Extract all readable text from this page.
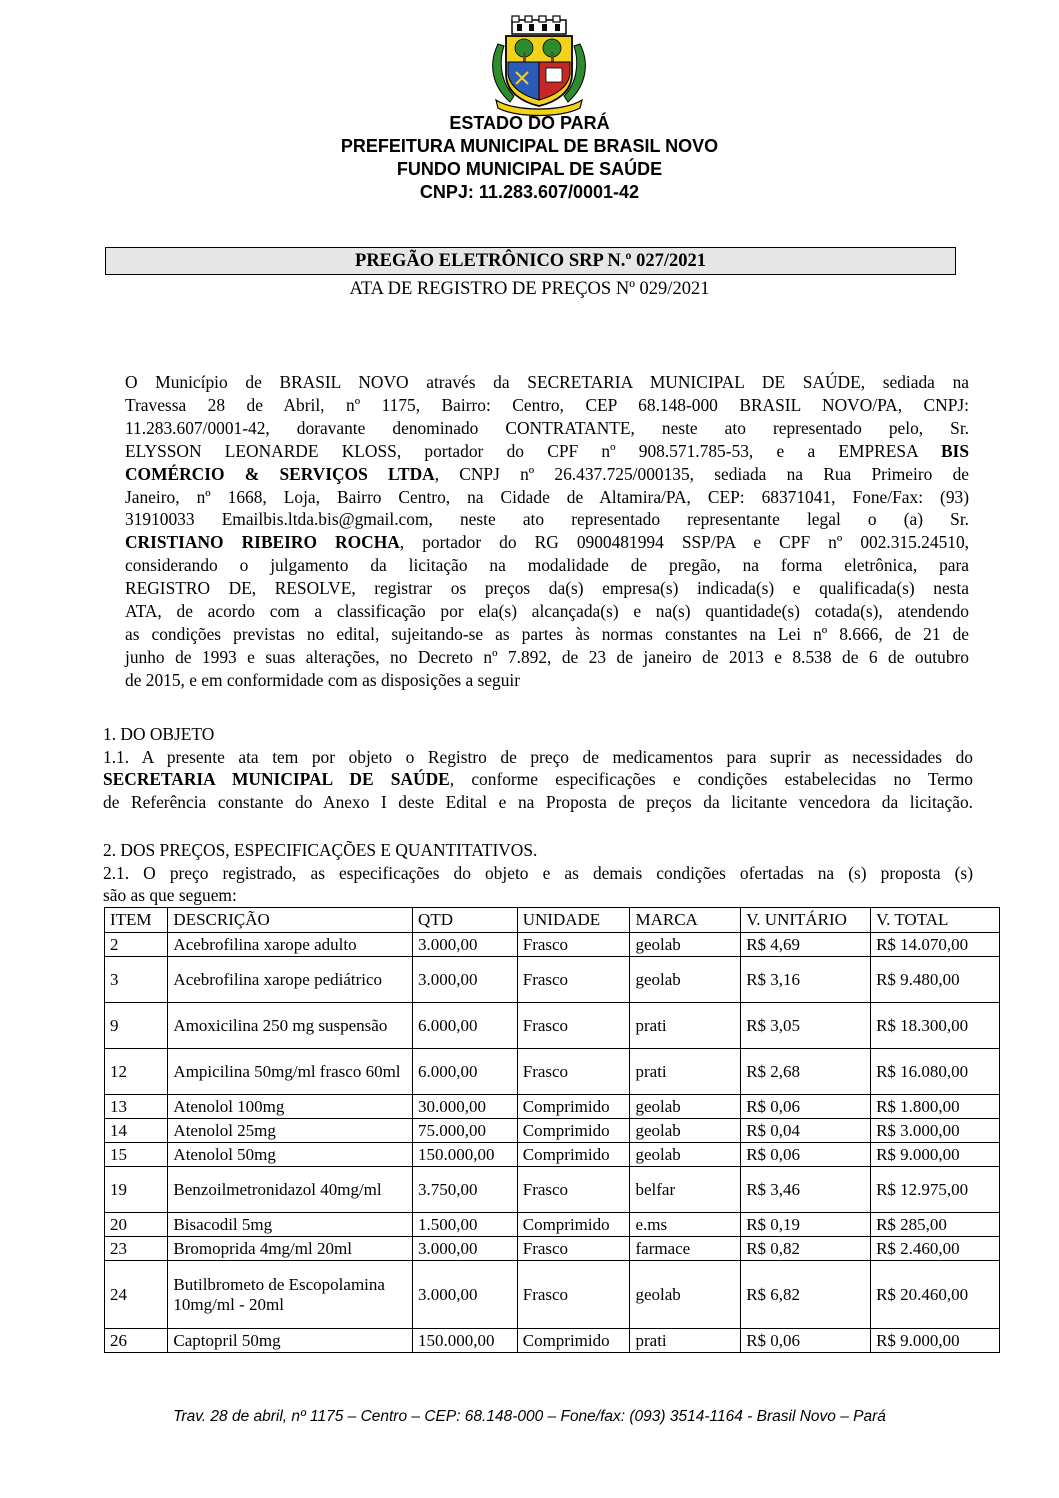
ESTADO DO PARÁ
PREFEITURA MUNICIPAL DE BRASIL NOVO
FUNDO MUNICIPAL DE SAÚDE
CNPJ: 11.283.607/0001-42
PREGÃO ELETRÔNICO SRP N.º 027/2021
ATA DE REGISTRO DE PREÇOS Nº 029/2021
O Município de BRASIL NOVO através da SECRETARIA MUNICIPAL DE SAÚDE, sediada na
Travessa 28 de Abril, nº 1175, Bairro: Centro, CEP 68.148-000 BRASIL NOVO/PA, CNPJ:
11.283.607/0001-42, doravante denominado CONTRATANTE, neste ato representado pelo, Sr.
ELYSSON LEONARDE KLOSS, portador do CPF nº 908.571.785-53, e a EMPRESA BIS
COMÉRCIO & SERVIÇOS LTDA, CNPJ nº 26.437.725/000135, sediada na Rua Primeiro de
Janeiro, nº 1668, Loja, Bairro Centro, na Cidade de Altamira/PA, CEP: 68371041, Fone/Fax: (93)
31910033 Emailbis.ltda.bis@gmail.com, neste ato representado representante legal o (a) Sr.
CRISTIANO RIBEIRO ROCHA, portador do RG 0900481994 SSP/PA e CPF nº 002.315.24510,
considerando o julgamento da licitação na modalidade de pregão, na forma eletrônica, para
REGISTRO DE, RESOLVE, registrar os preços da(s) empresa(s) indicada(s) e qualificada(s) nesta
ATA, de acordo com a classificação por ela(s) alcançada(s) e na(s) quantidade(s) cotada(s), atendendo
as condições previstas no edital, sujeitando-se as partes às normas constantes na Lei nº 8.666, de 21 de
junho de 1993 e suas alterações, no Decreto nº 7.892, de 23 de janeiro de 2013 e 8.538 de 6 de outubro
de 2015, e em conformidade com as disposições a seguir
1. DO OBJETO
1.1. A presente ata tem por objeto o Registro de preço de medicamentos para suprir as necessidades do
SECRETARIA MUNICIPAL DE SAÚDE, conforme especificações e condições estabelecidas no Termo
de Referência constante do Anexo I deste Edital e na Proposta de preços da licitante vencedora da licitação.
2. DOS PREÇOS, ESPECIFICAÇÕES E QUANTITATIVOS.
2.1. O preço registrado, as especificações do objeto e as demais condições ofertadas na (s) proposta (s)
são as que seguem:
ITEM	DESCRIÇÃO	QTD	UNIDADE	MARCA	V. UNITÁRIO	V. TOTAL
2	Acebrofilina xarope adulto	3.000,00	Frasco	geolab	R$ 4,69	R$ 14.070,00
3	Acebrofilina xarope pediátrico	3.000,00	Frasco	geolab	R$ 3,16	R$ 9.480,00
9	Amoxicilina 250 mg suspensão	6.000,00	Frasco	prati	R$ 3,05	R$ 18.300,00
12	Ampicilina 50mg/ml frasco 60ml	6.000,00	Frasco	prati	R$ 2,68	R$ 16.080,00
13	Atenolol 100mg	30.000,00	Comprimido	geolab	R$ 0,06	R$ 1.800,00
14	Atenolol 25mg	75.000,00	Comprimido	geolab	R$ 0,04	R$ 3.000,00
15	Atenolol 50mg	150.000,00	Comprimido	geolab	R$ 0,06	R$ 9.000,00
19	Benzoilmetronidazol 40mg/ml	3.750,00	Frasco	belfar	R$ 3,46	R$ 12.975,00
20	Bisacodil 5mg	1.500,00	Comprimido	e.ms	R$ 0,19	R$ 285,00
23	Bromoprida 4mg/ml 20ml	3.000,00	Frasco	farmace	R$ 0,82	R$ 2.460,00
24	Butilbrometo de Escopolamina 10mg/ml - 20ml	3.000,00	Frasco	geolab	R$ 6,82	R$ 20.460,00
26	Captopril 50mg	150.000,00	Comprimido	prati	R$ 0,06	R$ 9.000,00
Trav. 28 de abril, nº 1175 – Centro – CEP: 68.148-000 – Fone/fax: (093) 3514-1164 - Brasil Novo – Pará
